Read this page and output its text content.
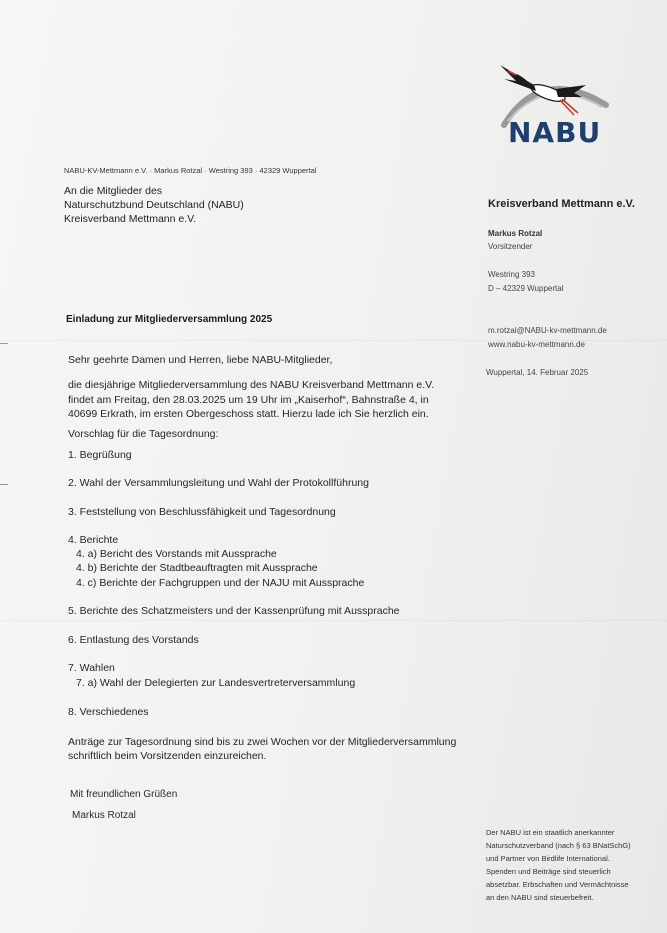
NABU
NABU-KV-Mettmann e.V. · Markus Rotzal · Westring 393 · 42329 Wuppertal
An die Mitglieder des
Naturschutzbund Deutschland (NABU)
Kreisverband Mettmann e.V.
Kreisverband Mettmann e.V.
Markus Rotzal
Vorsitzender
Westring 393
D – 42329 Wuppertal
m.rotzal@NABU-kv-mettmann.de
www.nabu-kv-mettmann.de
Wuppertal, 14. Februar 2025
Einladung zur Mitgliederversammlung 2025
Sehr geehrte Damen und Herren, liebe NABU-Mitglieder,
die diesjährige Mitgliederversammlung des NABU Kreisverband Mettmann e.V.
findet am Freitag, den 28.03.2025 um 19 Uhr im „Kaiserhof“, Bahnstraße 4, in
40699 Erkrath, im ersten Obergeschoss statt. Hierzu lade ich Sie herzlich ein.
Vorschlag für die Tagesordnung:
1. Begrüßung
2. Wahl der Versammlungsleitung und Wahl der Protokollführung
3. Feststellung von Beschlussfähigkeit und Tagesordnung
4. Berichte
4. a) Bericht des Vorstands mit Aussprache
4. b) Berichte der Stadtbeauftragten mit Aussprache
4. c) Berichte der Fachgruppen und der NAJU mit Aussprache
5. Berichte des Schatzmeisters und der Kassenprüfung mit Aussprache
6. Entlastung des Vorstands
7. Wahlen
7. a) Wahl der Delegierten zur Landesvertreterversammlung
8. Verschiedenes
Anträge zur Tagesordnung sind bis zu zwei Wochen vor der Mitgliederversammlung
schriftlich beim Vorsitzenden einzureichen.
Mit freundlichen Grüßen
Markus Rotzal
Der NABU ist ein staatlich anerkannter
Naturschutzverband (nach § 63 BNatSchG)
und Partner von Birdlife International.
Spenden und Beiträge sind steuerlich
absetzbar. Erbschaften und Vermächtnisse
an den NABU sind steuerbefreit.
